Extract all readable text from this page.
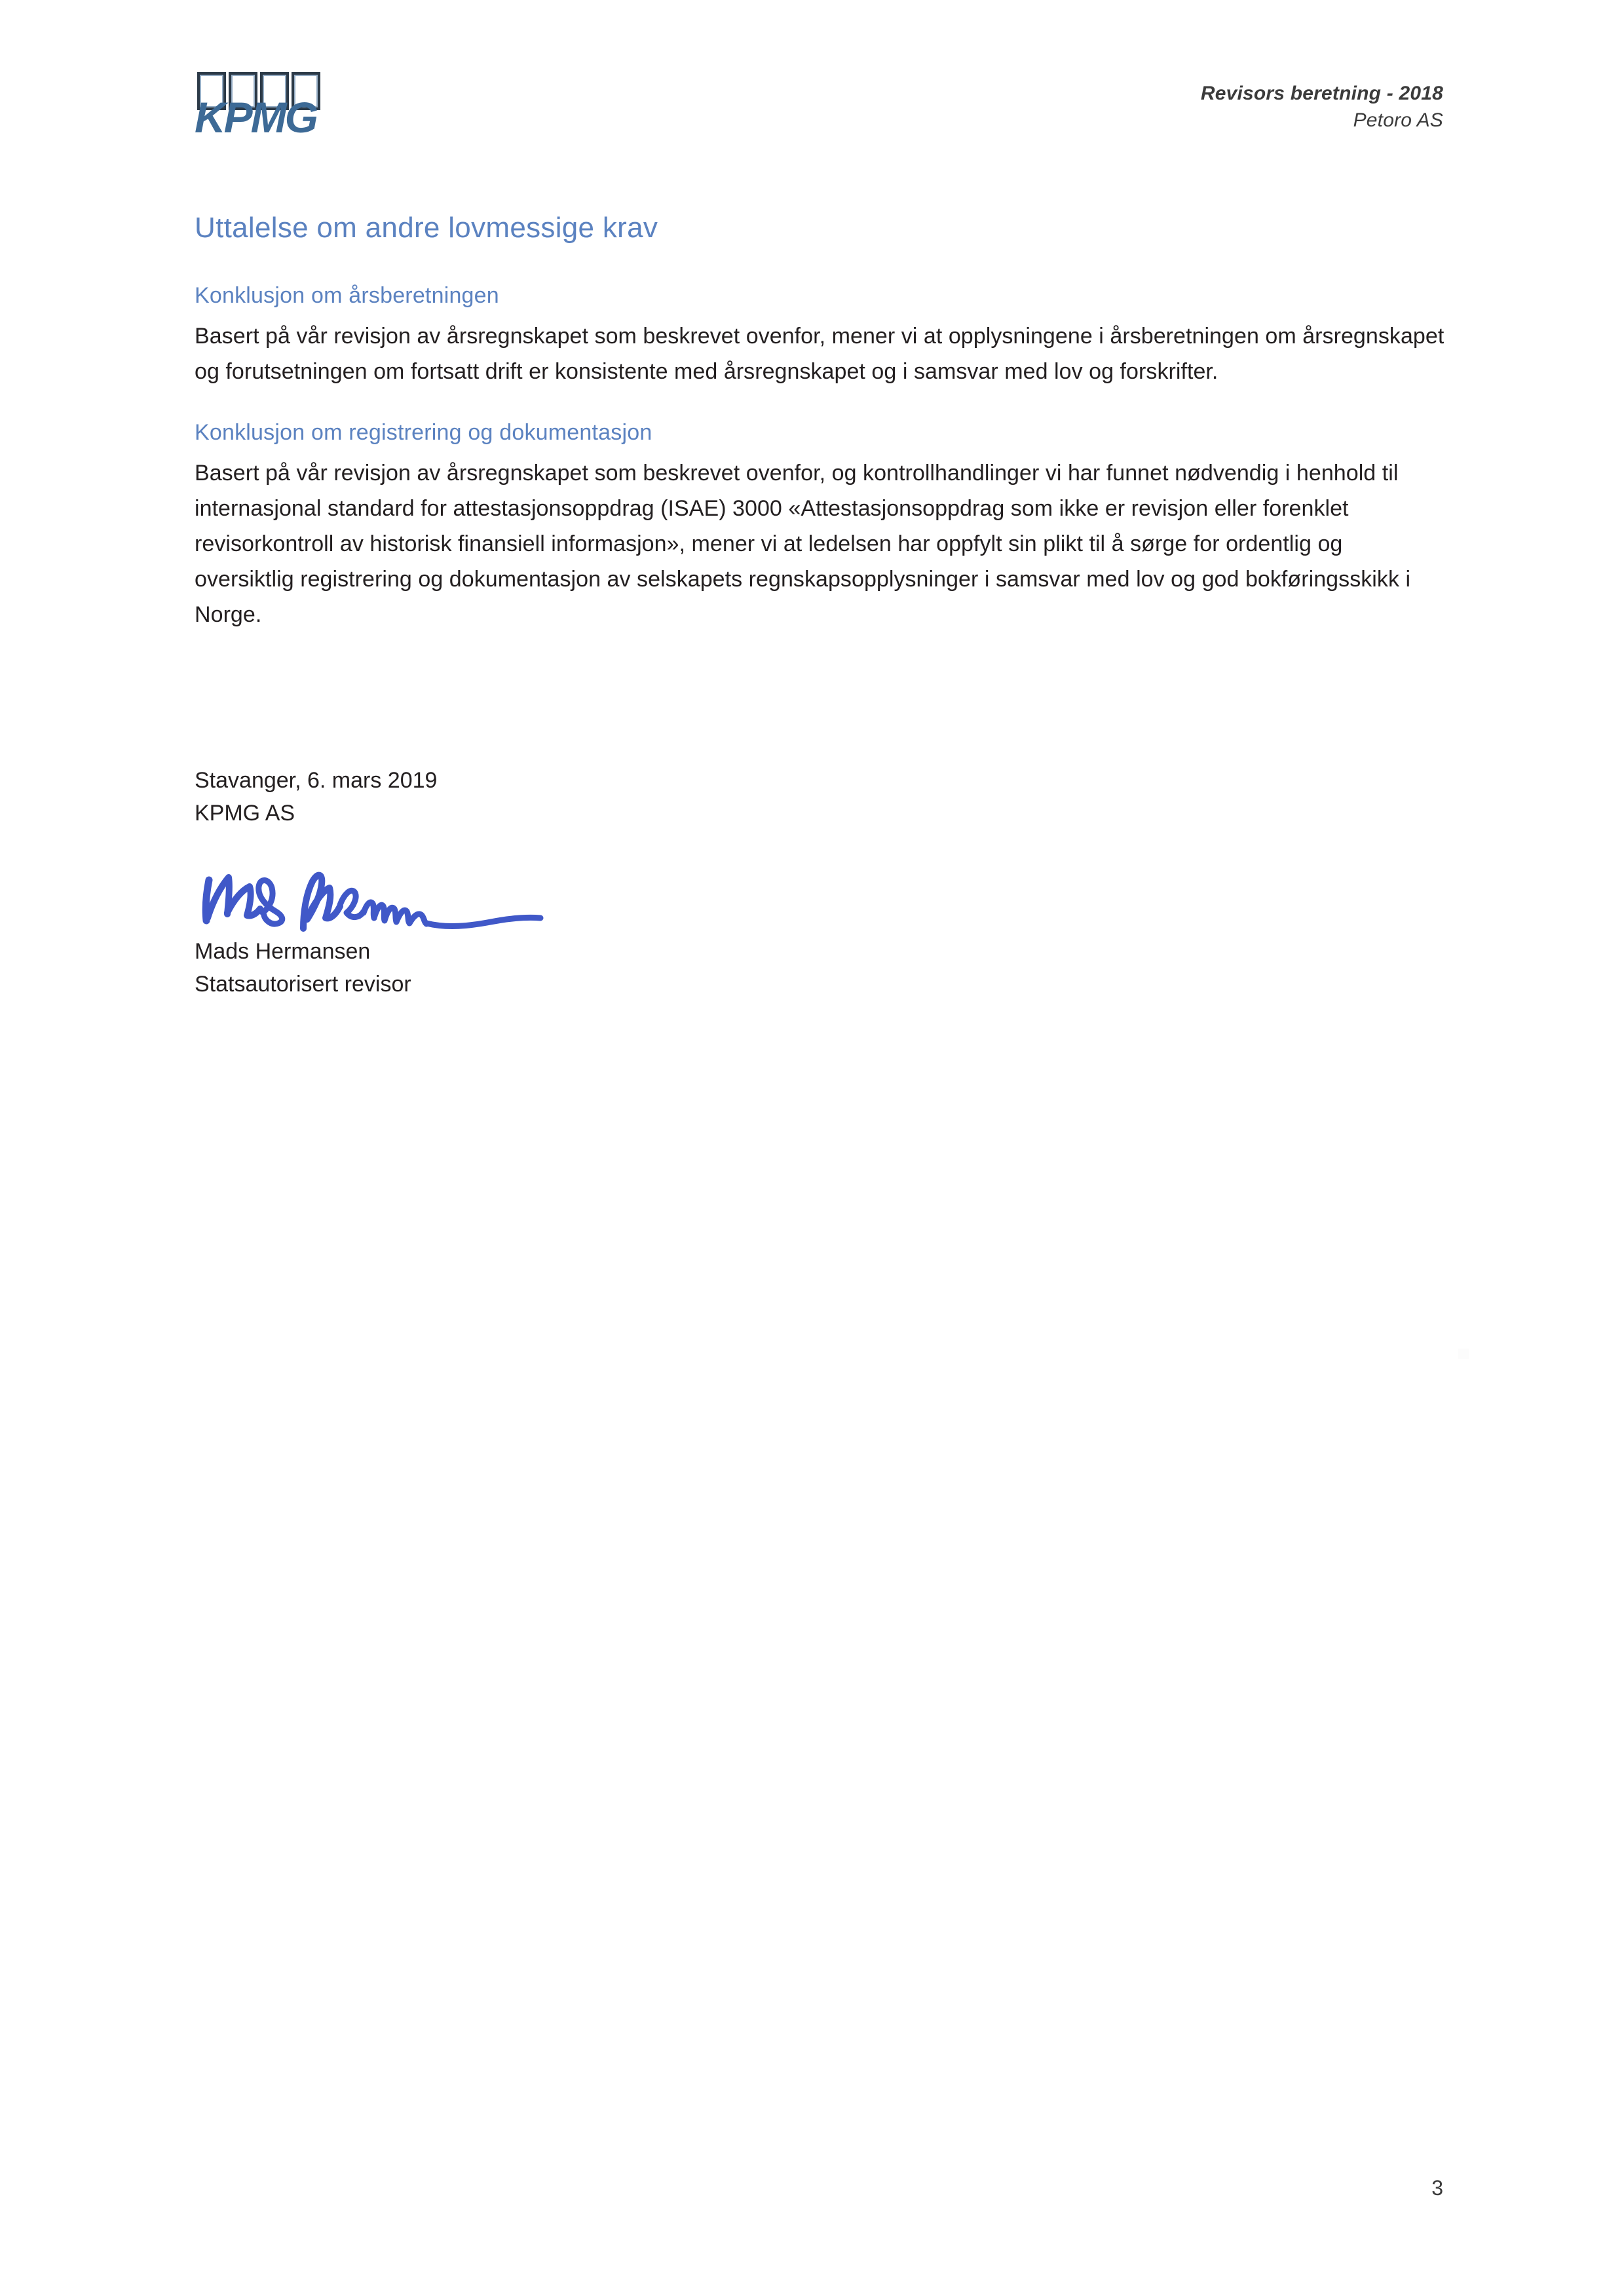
KPMG	Revisors beretning - 2018
Petoro AS
Uttalelse om andre lovmessige krav
Konklusjon om årsberetningen

Basert på vår revisjon av årsregnskapet som beskrevet ovenfor, mener vi at opplysningene i årsberetningen om årsregnskapet og forutsetningen om fortsatt drift er konsistente med årsregnskapet og i samsvar med lov og forskrifter.

Konklusjon om registrering og dokumentasjon

Basert på vår revisjon av årsregnskapet som beskrevet ovenfor, og kontrollhandlinger vi har funnet nødvendig i henhold til internasjonal standard for attestasjonsoppdrag (ISAE) 3000 «Attestasjonsoppdrag som ikke er revisjon eller forenklet revisorkontroll av historisk finansiell informasjon», mener vi at ledelsen har oppfylt sin plikt til å sørge for ordentlig og oversiktlig registrering og dokumentasjon av selskapets regnskapsopplysninger i samsvar med lov og god bokføringsskikk i Norge.

Stavanger, 6. mars 2019
KPMG AS
Mads Hermansen
Statsautorisert revisor
3
